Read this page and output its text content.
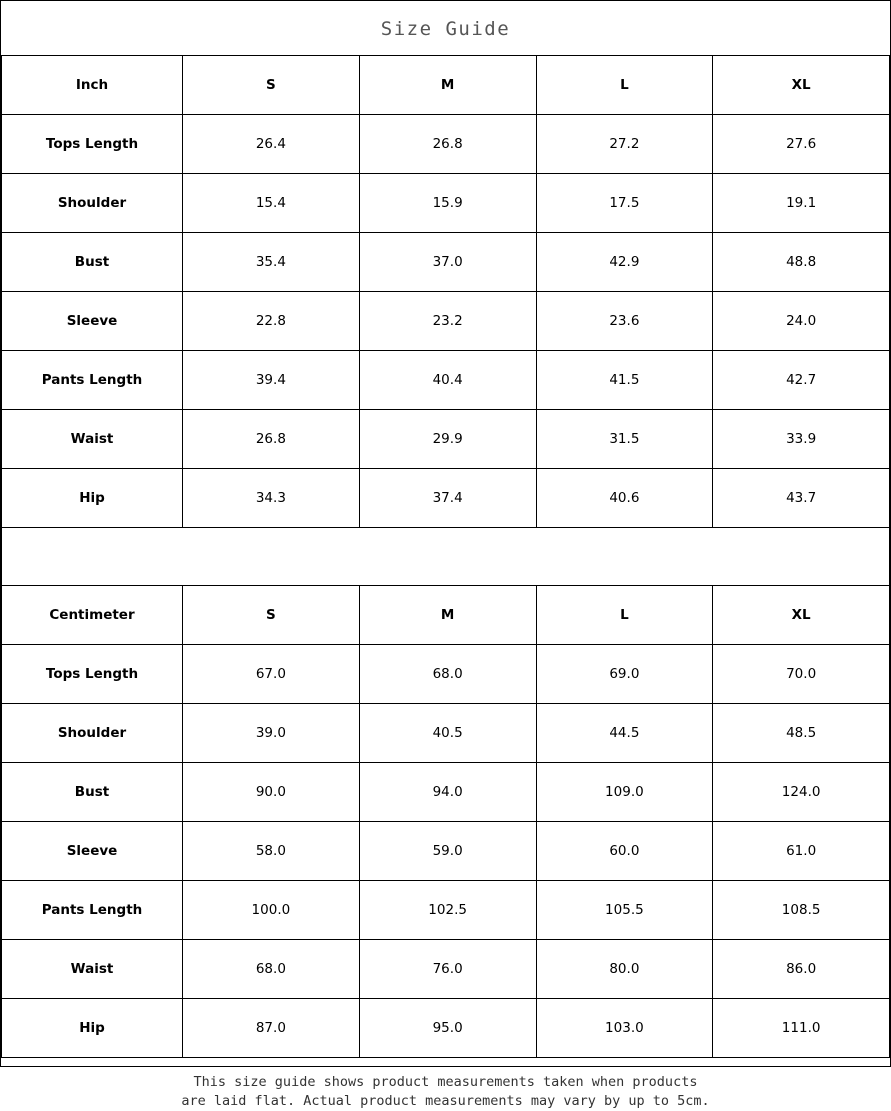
Size Guide
Inch	S	M	L	XL
Tops Length	26.4	26.8	27.2	27.6
Shoulder	15.4	15.9	17.5	19.1
Bust	35.4	37.0	42.9	48.8
Sleeve	22.8	23.2	23.6	24.0
Pants Length	39.4	40.4	41.5	42.7
Waist	26.8	29.9	31.5	33.9
Hip	34.3	37.4	40.6	43.7
Centimeter	S	M	L	XL
Tops Length	67.0	68.0	69.0	70.0
Shoulder	39.0	40.5	44.5	48.5
Bust	90.0	94.0	109.0	124.0
Sleeve	58.0	59.0	60.0	61.0
Pants Length	100.0	102.5	105.5	108.5
Waist	68.0	76.0	80.0	86.0
Hip	87.0	95.0	103.0	111.0
This size guide shows product measurements taken when products
are laid flat. Actual product measurements may vary by up to 5cm.
